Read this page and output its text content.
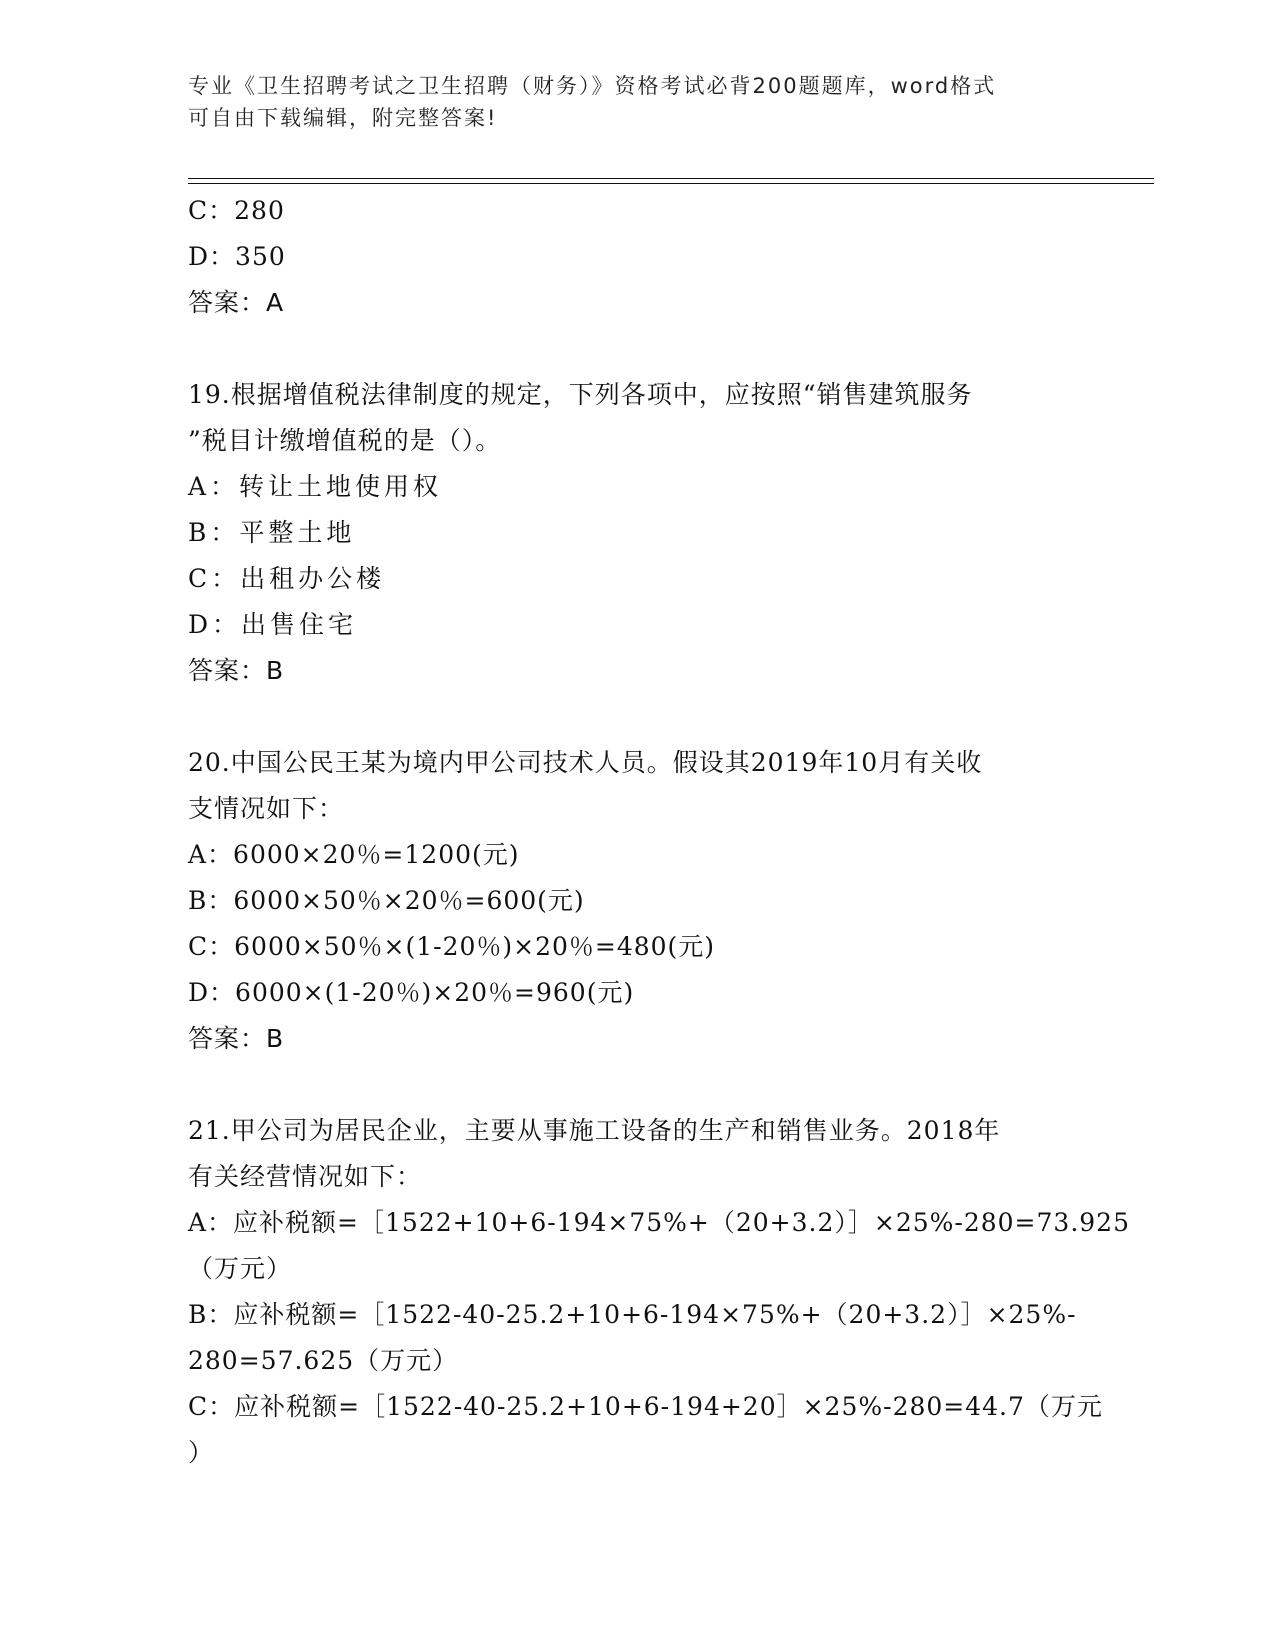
专业《卫生招聘考试之卫生招聘（财务）》资格考试必背200题题库，word格式
可自由下载编辑，附完整答案!
C：280
D：350
答案：A
19.根据增值税法律制度的规定，下列各项中，应按照“销售建筑服务
”税目计缴增值税的是（）。
A：转让土地使用权
B：平整土地
C：出租办公楼
D：出售住宅
答案：B
20.中国公民王某为境内甲公司技术人员。假设其2019年10月有关收
支情况如下：
A：6000×20％=1200(元)
B：6000×50％×20％=600(元)
C：6000×50％×(1-20％)×20％=480(元)
D：6000×(1-20％)×20％=960(元)
答案：B
21.甲公司为居民企业，主要从事施工设备的生产和销售业务。2018年
有关经营情况如下：
A：应补税额=［1522+10+6-194×75%+（20+3.2）］×25%-280=73.925
（万元）
B：应补税额=［1522-40-25.2+10+6-194×75%+（20+3.2）］×25%-
280=57.625（万元）
C：应补税额=［1522-40-25.2+10+6-194+20］×25%-280=44.7（万元
）
